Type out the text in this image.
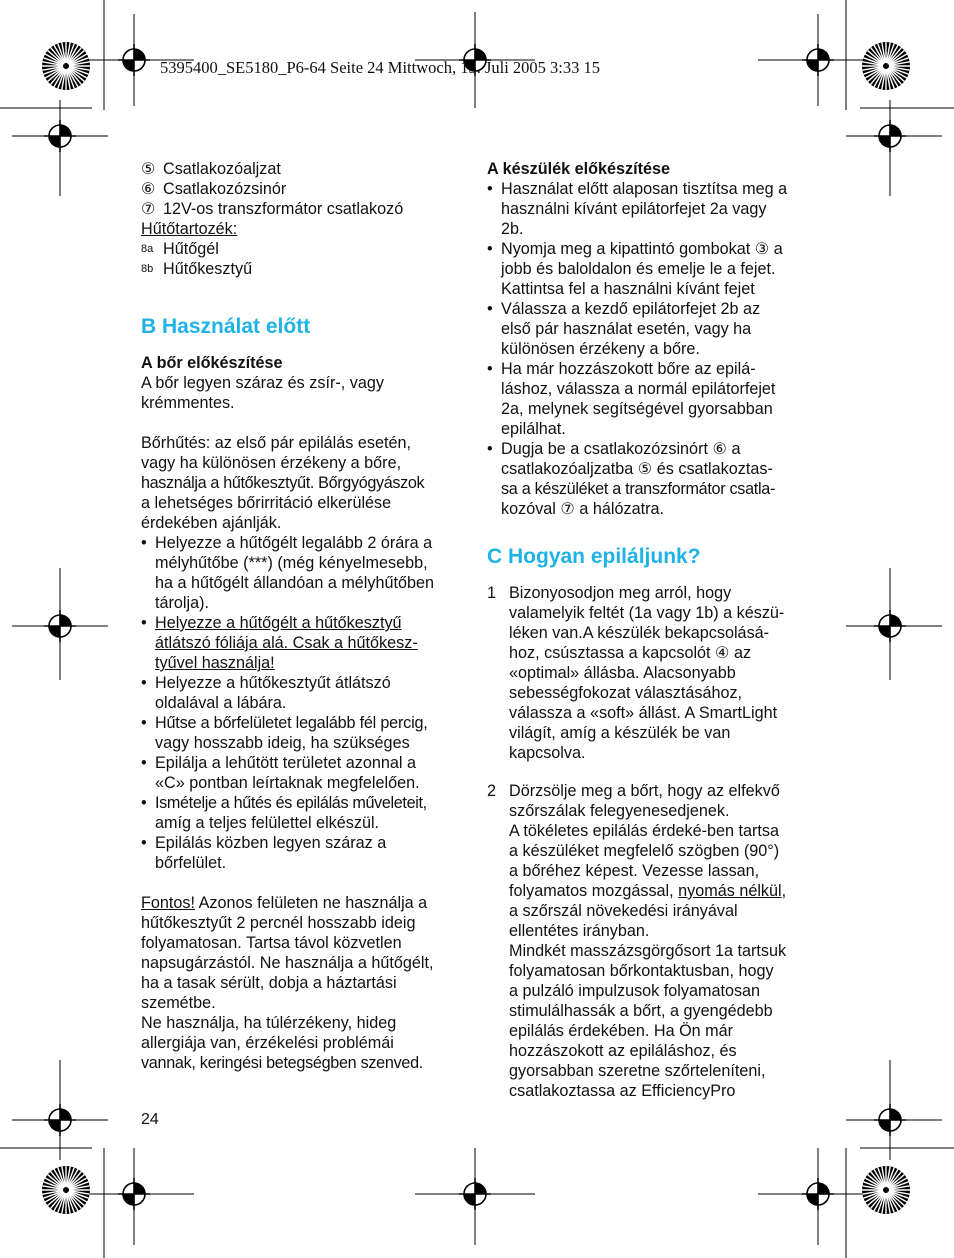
5395400_SE5180_P6-64 Seite 24 Mittwoch, 13. Juli 2005 3:33 15
⑤ Csatlakozóaljzat
⑥ Csatlakozózsinór
⑦ 12V-os transzformátor csatlakozó
Hűtőtartozék:
8a Hűtőgél
8b Hűtőkesztyű
B Használat előtt
A bőr előkészítése
A bőr legyen száraz és zsír-, vagy
krémmentes.
Bőrhűtés: az első pár epilálás esetén,
vagy ha különösen érzékeny a bőre,
használja a hűtőkesztyűt. Bőrgyógyászok
a lehetséges bőrirritáció elkerülése
érdekében ajánlják.
• Helyezze a hűtőgélt legalább 2 órára a
mélyhűtőbe (***) (még kényelmesebb,
ha a hűtőgélt állandóan a mélyhűtőben
tárolja).
• Helyezze a hűtőgélt a hűtőkesztyű
átlátszó fóliája alá. Csak a hűtőkesz-
tyűvel használja!
• Helyezze a hűtőkesztyűt átlátszó
oldalával a lábára.
• Hűtse a bőrfelületet legalább fél percig,
vagy hosszabb ideig, ha szükséges
• Epilálja a lehűtött területet azonnal a
«C» pontban leírtaknak megfelelően.
• Ismételje a hűtés és epilálás műveleteit,
amíg a teljes felülettel elkészül.
• Epilálás közben legyen száraz a
bőrfelület.
Fontos! Azonos felületen ne használja a
hűtőkesztyűt 2 percnél hosszabb ideig
folyamatosan. Tartsa távol közvetlen
napsugárzástól. Ne használja a hűtőgélt,
ha a tasak sérült, dobja a háztartási
szemétbe.
Ne használja, ha túlérzékeny, hideg
allergiája van, érzékelési problémái
vannak, keringési betegségben szenved.
24
A készülék előkészítése
• Használat előtt alaposan tisztítsa meg a
használni kívánt epilátorfejet 2a vagy
2b.
• Nyomja meg a kipattintó gombokat ③ a
jobb és baloldalon és emelje le a fejet.
Kattintsa fel a használni kívánt fejet
• Válassza a kezdő epilátorfejet 2b az
első pár használat esetén, vagy ha
különösen érzékeny a bőre.
• Ha már hozzászokott bőre az epilá-
láshoz, válassza a normál epilátorfejet
2a, melynek segítségével gyorsabban
epilálhat.
• Dugja be a csatlakozózsinórt ⑥ a
csatlakozóaljzatba ⑤ és csatlakoztas-
sa a készüléket a transzformátor csatla-
kozóval ⑦ a hálózatra.
C Hogyan epiláljunk?
1 Bizonyosodjon meg arról, hogy
valamelyik feltét (1a vagy 1b) a készü-
léken van.A készülék bekapcsolásá-
hoz, csúsztassa a kapcsolót ④ az
«optimal» állásba. Alacsonyabb
sebességfokozat választásához,
válassza a «soft» állást. A SmartLight
világít, amíg a készülék be van
kapcsolva.
2 Dörzsölje meg a bőrt, hogy az elfekvő
szőrszálak felegyenesedjenek.
A tökéletes epilálás érdeké-ben tartsa
a készüléket megfelelő szögben (90°)
a bőréhez képest. Vezesse lassan,
folyamatos mozgással, nyomás nélkül,
a szőrszál növekedési irányával
ellentétes irányban.
Mindkét masszázsgörgősort 1a tartsuk
folyamatosan bőrkontaktusban, hogy
a pulzáló impulzusok folyamatosan
stimulálhassák a bőrt, a gyengédebb
epilálás érdekében. Ha Ön már
hozzászokott az epiláláshoz, és
gyorsabban szeretne szőrteleníteni,
csatlakoztassa az EfficiencyPro
